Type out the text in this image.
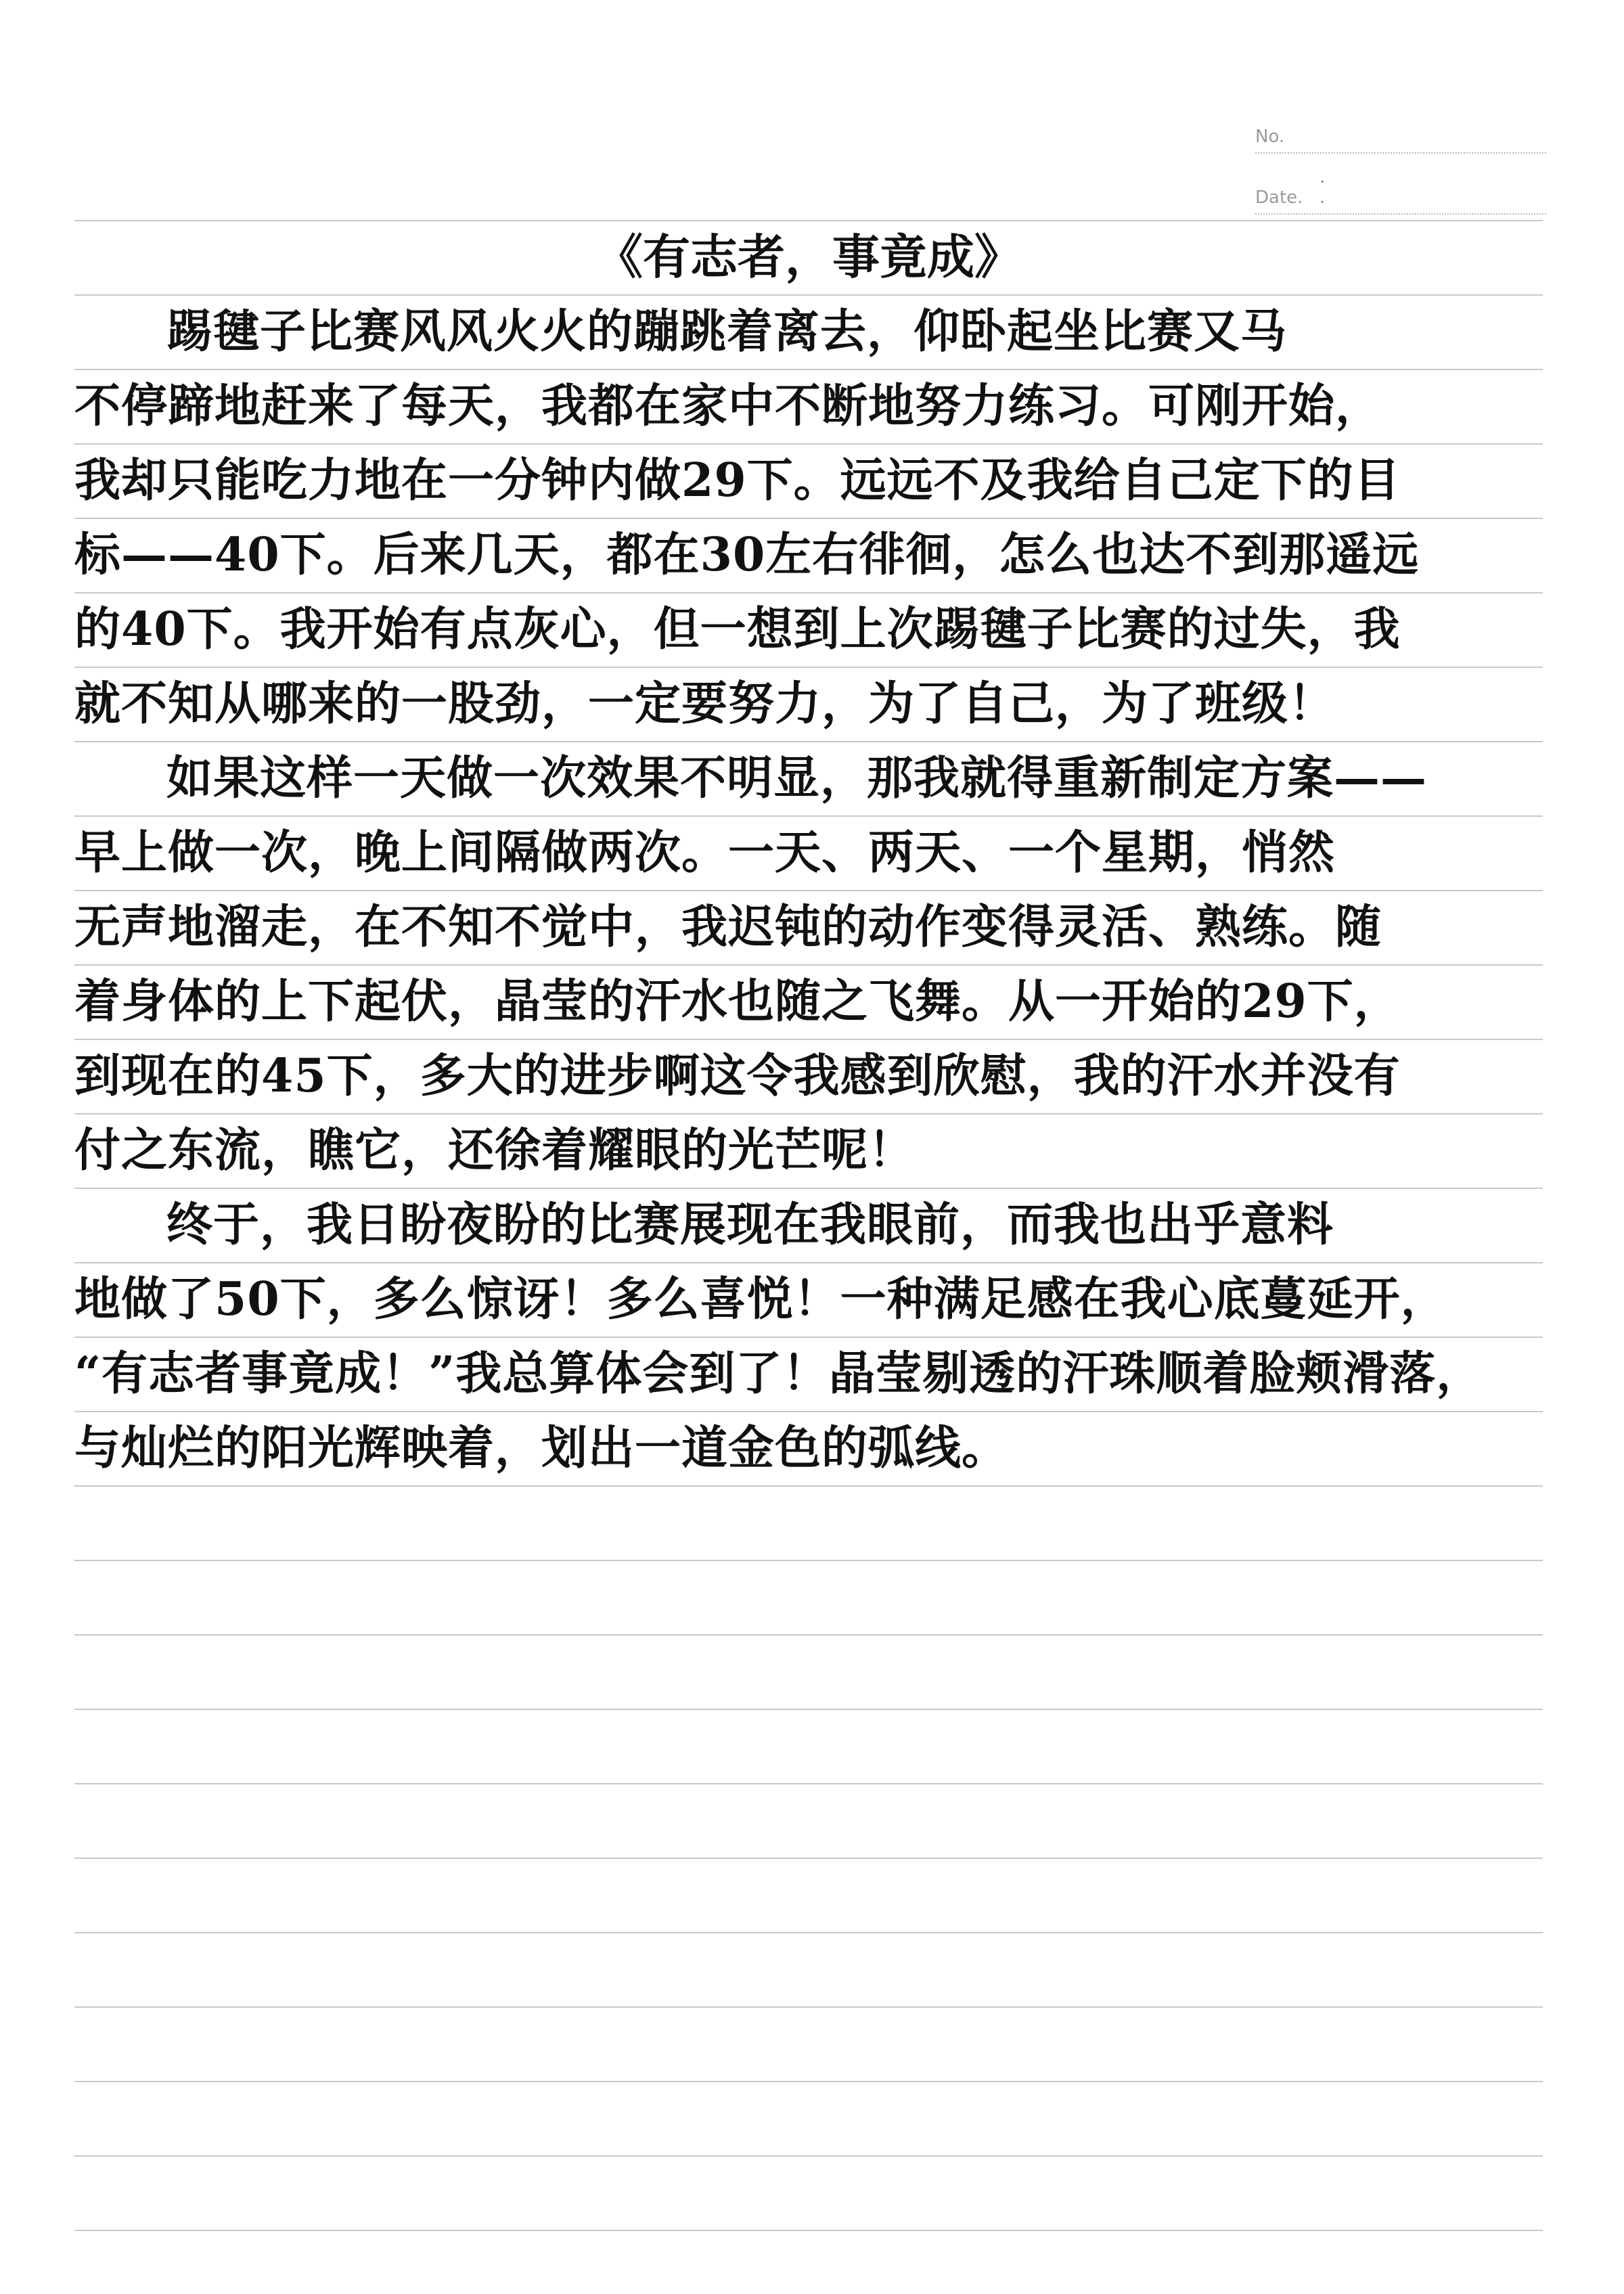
No.
Date.
. .
《有志者，事竟成》
踢毽子比赛风风火火的蹦跳着离去，仰卧起坐比赛又马
不停蹄地赶来了每天，我都在家中不断地努力练习。可刚开始，
我却只能吃力地在一分钟内做29下。远远不及我给自己定下的目
标——40下。后来几天，都在30左右徘徊，怎么也达不到那遥远
的40下。我开始有点灰心，但一想到上次踢毽子比赛的过失，我
就不知从哪来的一股劲，一定要努力，为了自己，为了班级！
如果这样一天做一次效果不明显，那我就得重新制定方案——
早上做一次，晚上间隔做两次。一天、两天、一个星期，悄然
无声地溜走，在不知不觉中，我迟钝的动作变得灵活、熟练。随
着身体的上下起伏，晶莹的汗水也随之飞舞。从一开始的29下，
到现在的45下，多大的进步啊这令我感到欣慰，我的汗水并没有
付之东流，瞧它，还徐着耀眼的光芒呢！
终于，我日盼夜盼的比赛展现在我眼前，而我也出乎意料
地做了50下，多么惊讶！多么喜悦！一种满足感在我心底蔓延开，
“有志者事竟成！”我总算体会到了！晶莹剔透的汗珠顺着脸颊滑落，
与灿烂的阳光辉映着，划出一道金色的弧线。
